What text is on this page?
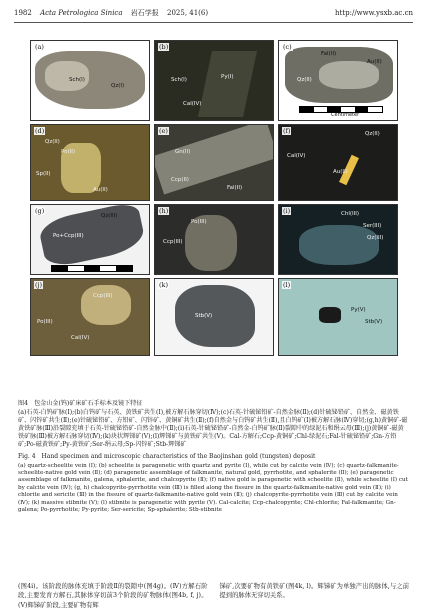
1982 Acta Petrologica Sinica 岩石学报 2025, 41(6)	http://www.ysxb.ac.cn
(a)
Sch(I)
Qz(I)
(b)
Sch(I)	Py(I)
Cal(IV)
(c)
Fal(II)
Au(II)
Qz(II)
Centimeter
(d)
Qz(II)
Po(II)
Sp(II)
Au(II)
(e)
Gn(II)
Ccp(II)
Fal(II)
(f)	Qz(II)
Cal(IV)
Au(II)
(g)
Qz(III)
Po+Ccp(III)
(h)
Po(III)
Ccp(III)
(i)	Chl(III)
Ser(III)
Qz(III)
(j)
Ccp(III)
Po(III)
Cal(IV)
(k)
Stb(V)
(l)
Py(V)
Stb(V)

图4　包金山金(钨)矿床矿石手标本及镜下特征

(a)石英-白钨矿脉(Ⅰ);(b)白钨矿与石英、黄铁矿共生(Ⅰ),被方解石脉穿切(Ⅳ);(c)石英-针硫铋铅矿-自然金脉(Ⅱ);(d)针硫铋铅矿、自然金、磁黄铁矿、闪锌矿共生(Ⅱ);(e)针硫铋铅矿、方铅矿、闪锌矿、黄铜矿共生(Ⅱ);(f)自然金与白钨矿共生(Ⅱ),且白钨矿(Ⅰ)被方解石脉(Ⅳ)穿切;(g,h)黄铜矿-磁黄铁矿脉(Ⅲ)沿裂隙充填于石英-针硫铋铅矿-自然金脉中(Ⅱ);(i)石英-针硫铋铅矿-自然金-白钨矿脉(Ⅱ)裂隙中的绿泥石和绢云母(Ⅲ);(j)黄铜矿-磁黄铁矿脉(Ⅲ)被方解石脉穿切(Ⅳ);(k)块状辉锑矿(Ⅴ);(l)辉锑矿与黄铁矿共生(Ⅴ)。Cal-方解石;Ccp-黄铜矿;Chl-绿泥石;Fal-针硫铋铅矿;Gn-方铅矿;Po-磁黄铁矿;Py-黄铁矿;Ser-绢云母;Sp-闪锌矿;Stb-辉锑矿

Fig. 4　Hand specimen and microscopic characteristics of the Baojinshan gold (tungsten) deposit

(a) quartz-scheelite vein (Ⅰ); (b) scheelite is paragenetic with quartz and pyrite (Ⅰ), while cut by calcite vein (Ⅳ); (c) quartz-falkmanite-scheelite-native gold vein (Ⅱ); (d) paragenetic assemblage of falkmanite, natural gold, pyrrhotite, and sphalerite (Ⅱ); (e) paragenetic assemblage of falkmanite, galena, sphalerite, and chalcopyrite (Ⅱ); (f) native gold is paragenetic with scheelite (Ⅱ), while scheelite (Ⅰ) cut by calcite vein (Ⅳ); (g, h) chalcopyrite-pyrrhotite vein (Ⅲ) is filled along the fissure in the quartz-falkmanite-native gold vein (Ⅱ); (i) chlorite and sericite (Ⅲ) in the fissure of quartz-falkmanite-native gold vein (Ⅱ); (j) chalcopyrite-pyrrhotite vein (Ⅲ) cut by calcite vein (Ⅳ); (k) massive stibnite (Ⅴ); (l) stibnite is paragenetic with pyrite (Ⅴ). Cal-calcite; Ccp-chalcopyrite; Chl-chlorite; Fal-falkmanite; Gn-galena; Po-pyrrhotite; Py-pyrite; Ser-sericite; Sp-sphalerite; Stb-stibnite

(图4i)。该阶段的脉体充填于阶段Ⅱ的裂隙中(图4g)。(Ⅳ)方解石阶段,主要发育方解石,其脉体穿切前3个阶段的矿物脉体(图4b, f, j)。(Ⅴ)辉锑矿阶段,主要矿物有辉

锑矿,次要矿物有黄铁矿(图4k, l)。辉锑矿为单独产出的脉体,与之前提到的脉体无穿切关系。
